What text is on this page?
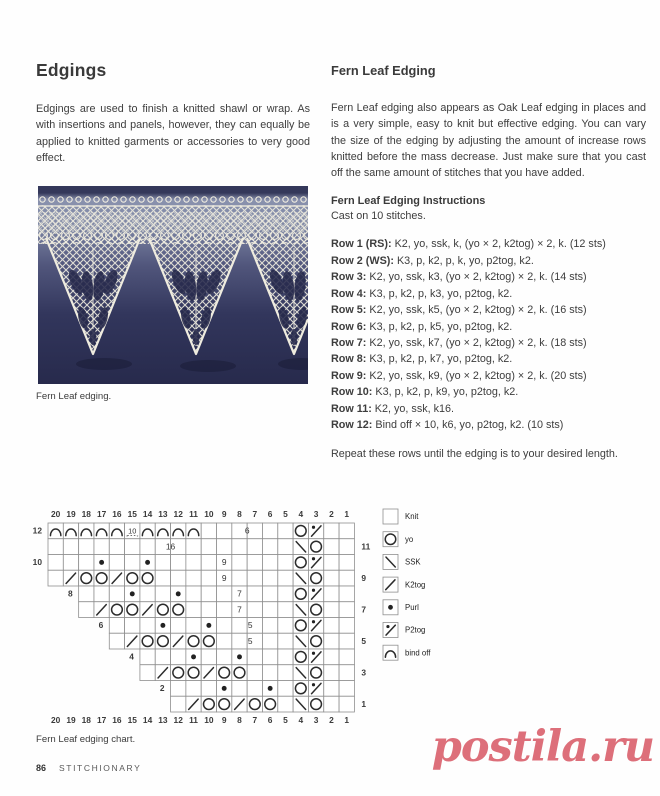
Edgings

Edgings are used to finish a knitted shawl or wrap. As with insertions and panels, however, they can equally be applied to knitted garments or accessories to very good effect.

Fern Leaf edging.
Fern Leaf Edging

Fern Leaf edging also appears as Oak Leaf edging in places and is a very simple, easy to knit but effective edging. You can vary the size of the edging by adjusting the amount of increase rows knitted before the mass decrease. Just make sure that you cast off the same amount of stitches that you have added.

Fern Leaf Edging Instructions
Cast on 10 stitches.
Row 1 (RS): K2, yo, ssk, k, (yo × 2, k2tog) × 2, k. (12 sts)
Row 2 (WS): K3, p, k2, p, k, yo, p2tog, k2.
Row 3: K2, yo, ssk, k3, (yo × 2, k2tog) × 2, k. (14 sts)
Row 4: K3, p, k2, p, k3, yo, p2tog, k2.
Row 5: K2, yo, ssk, k5, (yo × 2, k2tog) × 2, k. (16 sts)
Row 6: K3, p, k2, p, k5, yo, p2tog, k2.
Row 7: K2, yo, ssk, k7, (yo × 2, k2tog) × 2, k. (18 sts)
Row 8: K3, p, k2, p, k7, yo, p2tog, k2.
Row 9: K2, yo, ssk, k9, (yo × 2, k2tog) × 2, k. (20 sts)
Row 10: K3, p, k2, p, k9, yo, p2tog, k2.
Row 11: K2, yo, ssk, k16.
Row 12: Bind off × 10, k6, yo, p2tog, k2. (10 sts)

Repeat these rows until the edging is to your desired length.

20
20
19
19
18
18
17
17
16
16
15
15
14
14
13
13
12
12
11
11
10
10
9
9
8
8
7
7
6
6
5
5
4
4
3
3
2
2
1
1
10	6
12
16	11
9
10
9	9
7
8
7	7
5
6
5	5
4
3
2
1
Knit
yo
SSK
K2tog
Purl
P2tog
bind off
Fern Leaf edging chart.
86 STITCHIONARY	postila.ru
